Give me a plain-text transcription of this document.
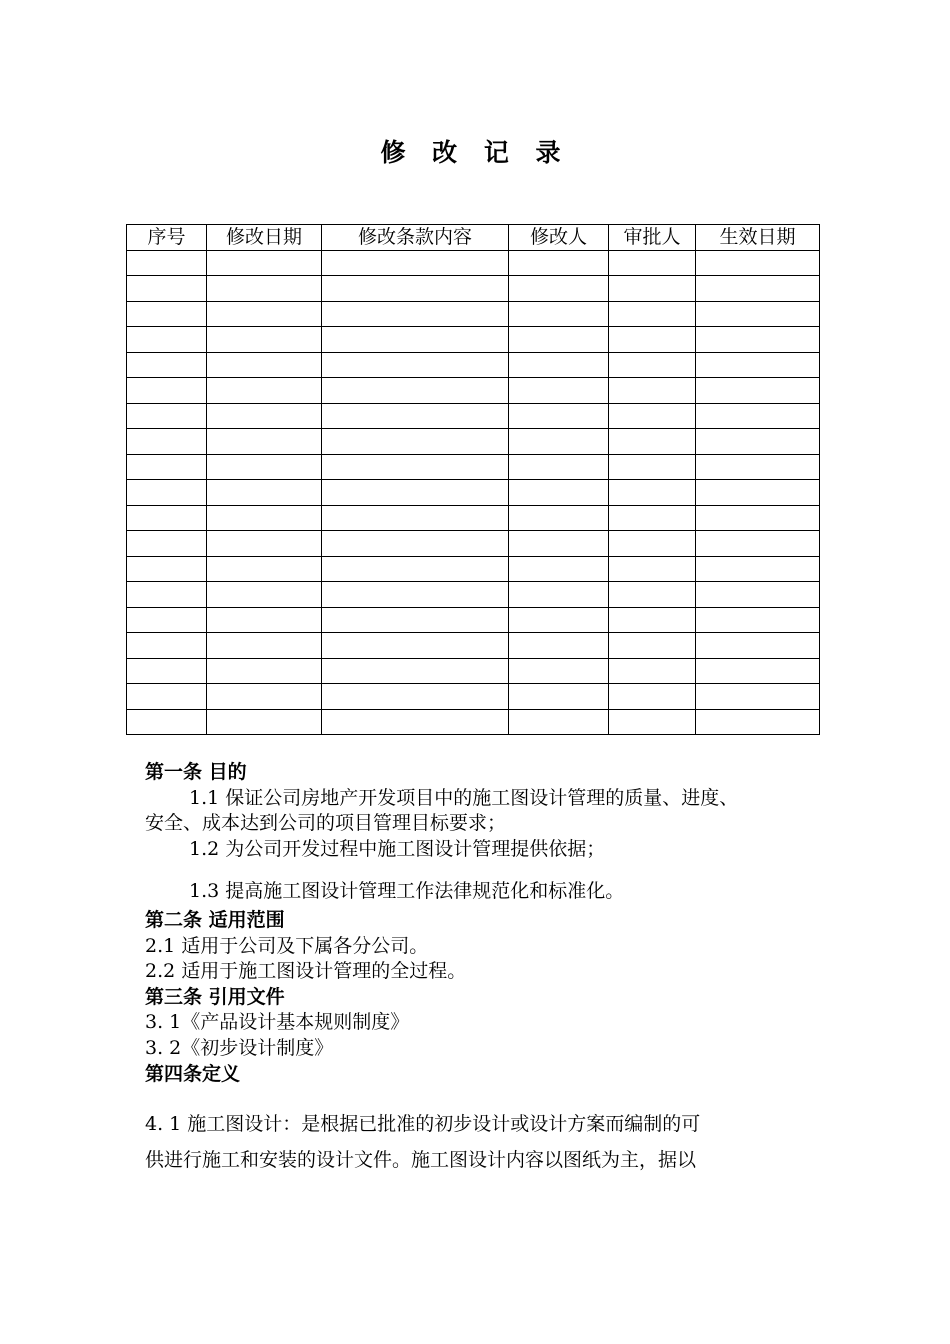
修 改 记 录
序号	修改日期	修改条款内容	修改人	审批人	生效日期

第一条 目的
1.1 保证公司房地产开发项目中的施工图设计管理的质量、进度、
安全、成本达到公司的项目管理目标要求；
1.2 为公司开发过程中施工图设计管理提供依据；
1.3 提高施工图设计管理工作法律规范化和标准化。
第二条 适用范围
2.1 适用于公司及下属各分公司。
2.2 适用于施工图设计管理的全过程。
第三条 引用文件
3. 1《产品设计基本规则制度》
3. 2《初步设计制度》
第四条定义
4. 1 施工图设计：是根据已批准的初步设计或设计方案而编制的可
供进行施工和安装的设计文件。施工图设计内容以图纸为主，据以
